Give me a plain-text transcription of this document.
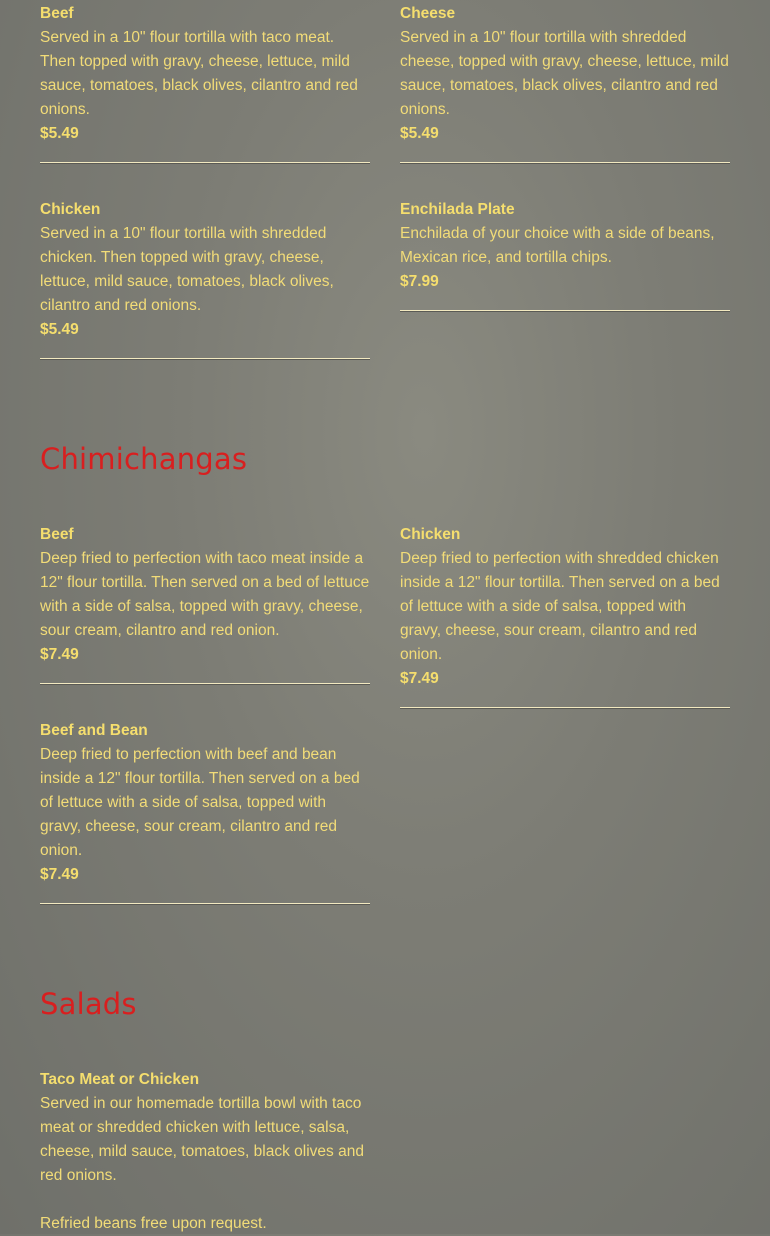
Beef
Served in a 10" flour tortilla with taco meat. Then topped with gravy, cheese, lettuce, mild sauce, tomatoes, black olives, cilantro and red onions.
$5.49
Cheese
Served in a 10" flour tortilla with shredded cheese, topped with gravy, cheese, lettuce, mild sauce, tomatoes, black olives, cilantro and red onions.
$5.49
Chicken
Served in a 10" flour tortilla with shredded chicken. Then topped with gravy, cheese, lettuce, mild sauce, tomatoes, black olives, cilantro and red onions.
$5.49
Enchilada Plate
Enchilada of your choice with a side of beans, Mexican rice, and tortilla chips.
$7.99
Chimichangas
Beef
Deep fried to perfection with taco meat inside a 12" flour tortilla. Then served on a bed of lettuce with a side of salsa, topped with gravy, cheese, sour cream, cilantro and red onion.
$7.49
Chicken
Deep fried to perfection with shredded chicken inside a 12" flour tortilla. Then served on a bed of lettuce with a side of salsa, topped with gravy, cheese, sour cream, cilantro and red onion.
$7.49
Beef and Bean
Deep fried to perfection with beef and bean inside a 12" flour tortilla. Then served on a bed of lettuce with a side of salsa, topped with gravy, cheese, sour cream, cilantro and red onion.
$7.49
Salads
Taco Meat or Chicken
Served in our homemade tortilla bowl with taco meat or shredded chicken with lettuce, salsa, cheese, mild sauce, tomatoes, black olives and red onions.
Refried beans free upon request.
